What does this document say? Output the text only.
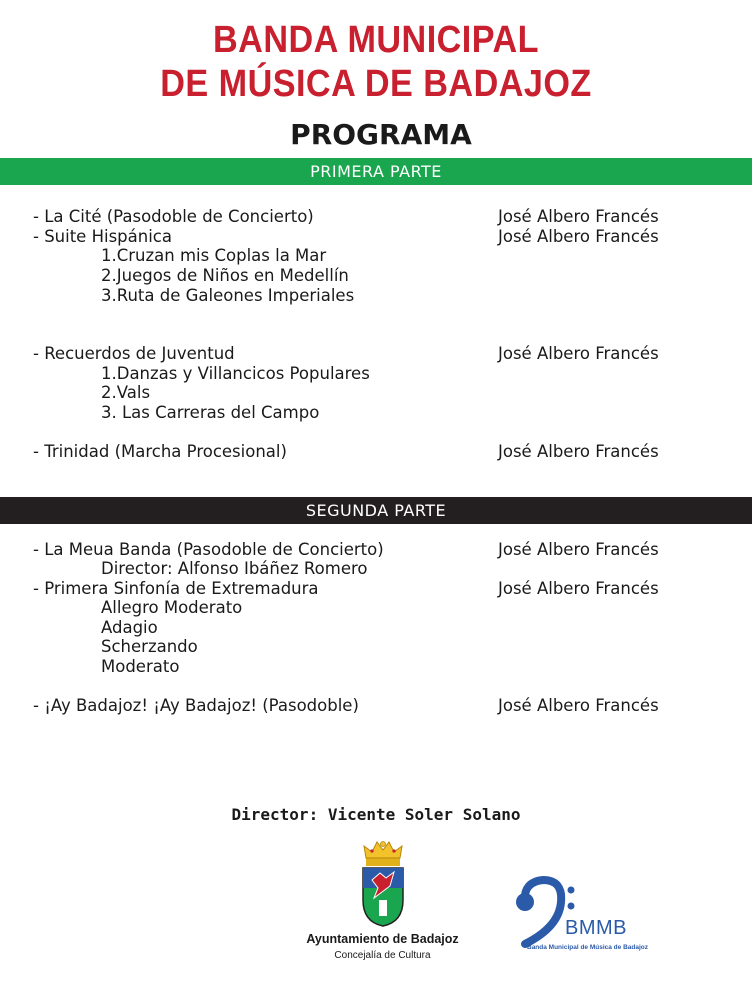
BANDA MUNICIPAL
DE MÚSICA DE BADAJOZ
PROGRAMA
PRIMERA PARTE
- La Cité (Pasodoble de Concierto)	José Albero Francés
- Suite Hispánica	José Albero Francés
1.Cruzan mis Coplas la Mar
2.Juegos de Niños en Medellín
3.Ruta de Galeones Imperiales
- Recuerdos de Juventud	José Albero Francés
1.Danzas y Villancicos Populares
2.Vals
3. Las Carreras del Campo
- Trinidad (Marcha Procesional)	José Albero Francés
SEGUNDA PARTE
- La Meua Banda (Pasodoble de Concierto)	José Albero Francés
Director: Alfonso Ibáñez Romero
- Primera Sinfonía de Extremadura	José Albero Francés
Allegro Moderato
Adagio
Scherzando
Moderato
- ¡Ay Badajoz! ¡Ay Badajoz! (Pasodoble)	José Albero Francés
Director: Vicente Soler Solano
Ayuntamiento de Badajoz
Concejalía de Cultura
BMMB
Banda Municipal de Música de Badajoz
